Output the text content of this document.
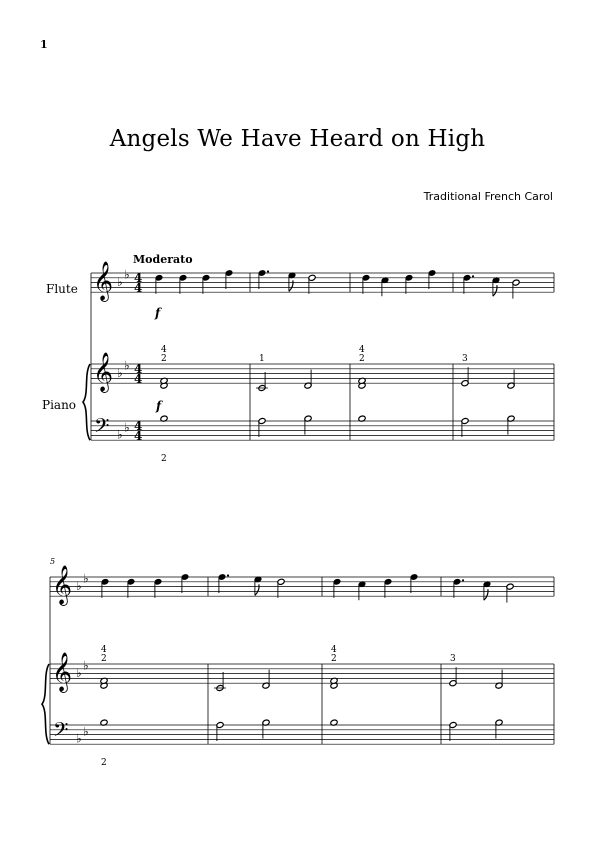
1
Angels We Have Heard on High
Traditional French Carol
Moderato
Flute
Piano
5
𝄞 ♭
♭ 4
4
𝄞 ♭
♭ 4
4
𝄢 ♭
♭ 4
4
4
2
2
1
4
2	3
f
f
𝄞 ♭
♭
𝄞 ♭
♭
𝄢 ♭
♭
4
2
2
4
2	3
